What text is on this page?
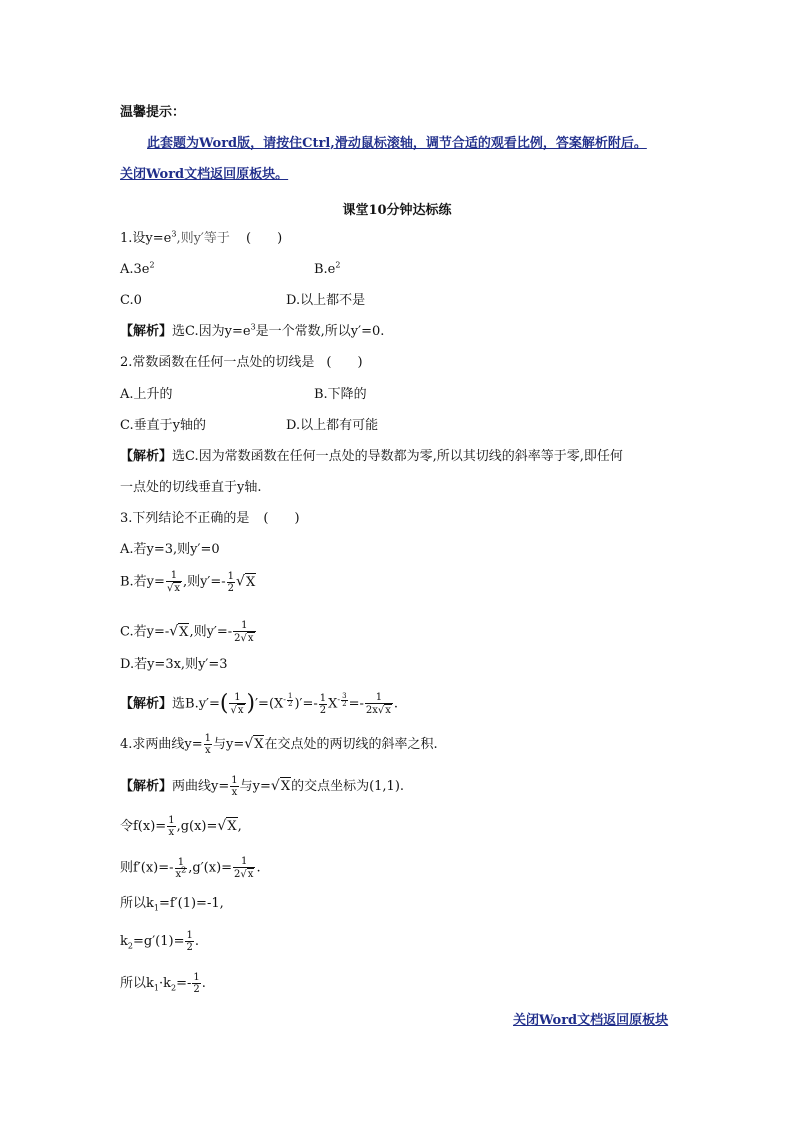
温馨提示：
此套题为Word版，请按住Ctrl,滑动鼠标滚轴，调节合适的观看比例，答案解析附后。
关闭Word文档返回原板块。
课堂10分钟达标练
1.设$y=e^3$,则y′等于 (　　)
$A.3e^2$	$B.e^2$
C.0	D.以上都不是
【解析】选C.因为$y=e^3$是一个常数,所以y′=0.
2.常数函数在任何一点处的切线是 (　　)
A.上升的	B.下降的
C.垂直于y轴的	D.以上都有可能
【解析】选C.因为常数函数在任何一点处的导数都为零,所以其切线的斜率等于零,即任何
一点处的切线垂直于y轴.
3.下列结论不正确的是 (　　)
A.若y=3,则y′=0
B.若$y= \frac{1}{√x}$ ,则$y'=- \frac{1}{2} √X$
C.若y=-√X,则$y'=- \frac{1}{2√x}$
D.若y=3x,则y′=3
【解析】选$B.y'=( \frac{1}{√x} )'=(X^{- \frac{1}{2}}$ )′=- $\frac{1}{2} X^{- \frac{3}{2}} =- \frac{1}{2x√x}$ .
4.求两曲线$y= \frac{1}{x}$ 与y=√X在交点处的两切线的斜率之积.
【解析】两曲线$y= \frac{1}{x}$ 与y=√X的交点坐标为(1,1).
令$f(x)= \frac{1}{x} ,g(x)=√X$,
则$f'(x)=- \frac{1}{x^2} ,g'(x)= \frac{1}{2√x}$ .
所以$k_1=f'(1)=-1$,
$k_2=g'(1)= \frac{1}{2}$ .
所以$k_1\cdot k_2=- \frac{1}{2}$ .
关闭Word文档返回原板块
